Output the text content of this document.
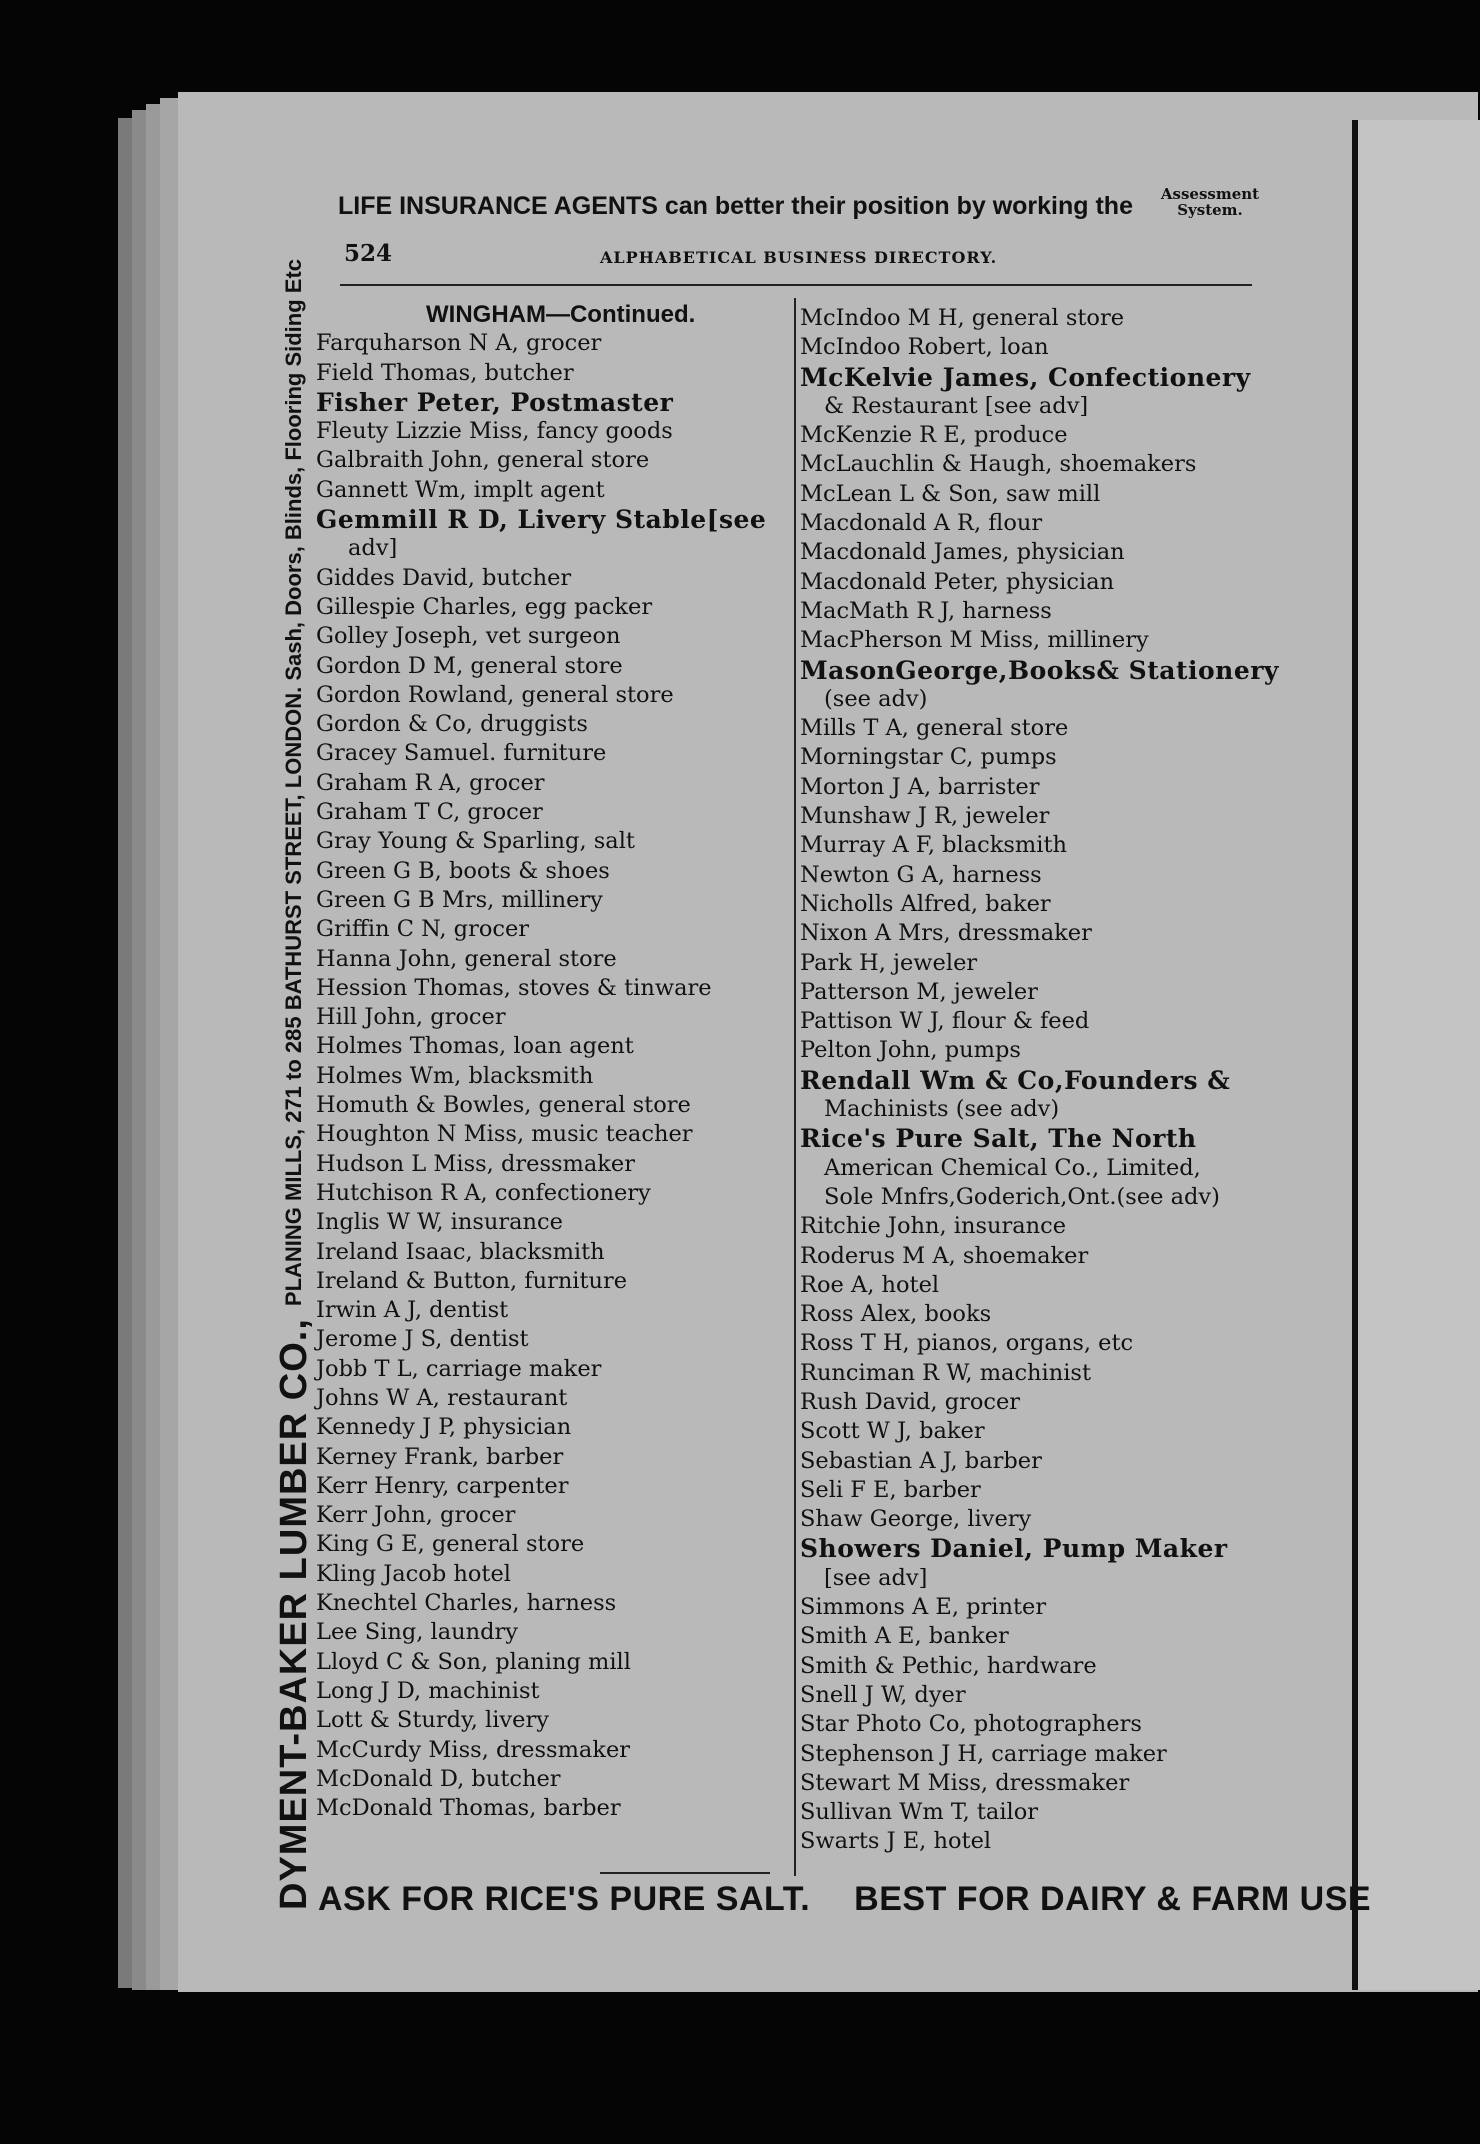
DYMENT-BAKER LUMBER CO.,
PLANING MILLS, 271 to 285 BATHURST STREET, LONDON. Sash, Doors, Blinds, Flooring Siding Etc
LIFE INSURANCE AGENTS can better their position by working the	Assessment
System.
524	ALPHABETICAL BUSINESS DIRECTORY.
WINGHAM—Continued.
Farquharson N A, grocer
Field Thomas, butcher
Fisher Peter, Postmaster
Fleuty Lizzie Miss, fancy goods
Galbraith John, general store
Gannett Wm, implt agent
Gemmill R D, Livery Stable[see
adv]
Giddes David, butcher
Gillespie Charles, egg packer
Golley Joseph, vet surgeon
Gordon D M, general store
Gordon Rowland, general store
Gordon & Co, druggists
Gracey Samuel. furniture
Graham R A, grocer
Graham T C, grocer
Gray Young & Sparling, salt
Green G B, boots & shoes
Green G B Mrs, millinery
Griffin C N, grocer
Hanna John, general store
Hession Thomas, stoves & tinware
Hill John, grocer
Holmes Thomas, loan agent
Holmes Wm, blacksmith
Homuth & Bowles, general store
Houghton N Miss, music teacher
Hudson L Miss, dressmaker
Hutchison R A, confectionery
Inglis W W, insurance
Ireland Isaac, blacksmith
Ireland & Button, furniture
Irwin A J, dentist
Jerome J S, dentist
Jobb T L, carriage maker
Johns W A, restaurant
Kennedy J P, physician
Kerney Frank, barber
Kerr Henry, carpenter
Kerr John, grocer
King G E, general store
Kling Jacob hotel
Knechtel Charles, harness
Lee Sing, laundry
Lloyd C & Son, planing mill
Long J D, machinist
Lott & Sturdy, livery
McCurdy Miss, dressmaker
McDonald D, butcher
McDonald Thomas, barber
McIndoo M H, general store
McIndoo Robert, loan
McKelvie James, Confectionery
& Restaurant [see adv]
McKenzie R E, produce
McLauchlin & Haugh, shoemakers
McLean L & Son, saw mill
Macdonald A R, flour
Macdonald James, physician
Macdonald Peter, physician
MacMath R J, harness
MacPherson M Miss, millinery
MasonGeorge,Books& Stationery
(see adv)
Mills T A, general store
Morningstar C, pumps
Morton J A, barrister
Munshaw J R, jeweler
Murray A F, blacksmith
Newton G A, harness
Nicholls Alfred, baker
Nixon A Mrs, dressmaker
Park H, jeweler
Patterson M, jeweler
Pattison W J, flour & feed
Pelton John, pumps
Rendall Wm & Co,Founders &
Machinists (see adv)
Rice's Pure Salt, The North
American Chemical Co., Limited,
Sole Mnfrs,Goderich,Ont.(see adv)
Ritchie John, insurance
Roderus M A, shoemaker
Roe A, hotel
Ross Alex, books
Ross T H, pianos, organs, etc
Runciman R W, machinist
Rush David, grocer
Scott W J, baker
Sebastian A J, barber
Seli F E, barber
Shaw George, livery
Showers Daniel, Pump Maker
[see adv]
Simmons A E, printer
Smith A E, banker
Smith & Pethic, hardware
Snell J W, dyer
Star Photo Co, photographers
Stephenson J H, carriage maker
Stewart M Miss, dressmaker
Sullivan Wm T, tailor
Swarts J E, hotel
ASK FOR RICE'S PURE SALT. BEST FOR DAIRY & FARM USE
